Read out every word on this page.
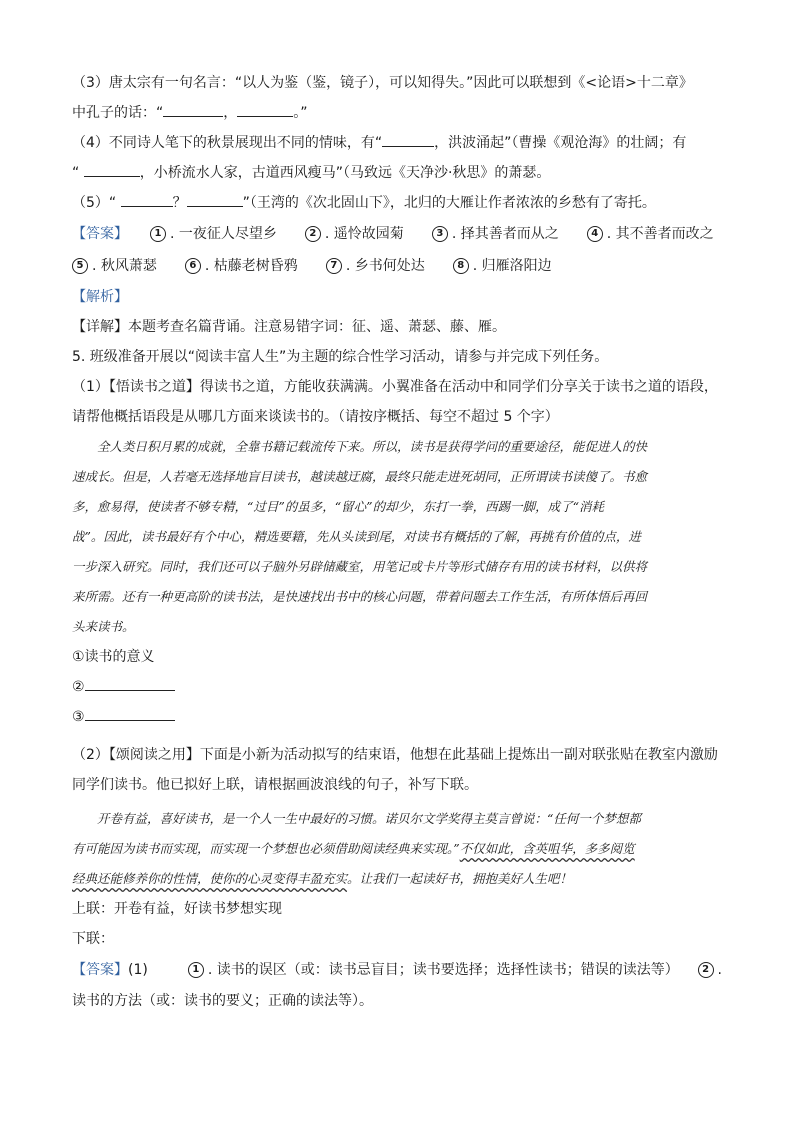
（3）唐太宗有一句名言：“以人为鉴（鉴，镜子），可以知得失。”因此可以联想到《<论语>十二章》
中孔子的话：“	，	。”
（4）不同诗人笔下的秋景展现出不同的情味，有“	，洪波涌起”（曹操《观沧海》的壮阔；有
“	，小桥流水人家，古道西风瘦马”（马致远《天净沙·秋思》的萧瑟。
（5）“	？	”（王湾的《次北固山下》，北归的大雁让作者浓浓的乡愁有了寄托。
【答案】	1 . 一夜征人尽望乡	2 . 遥怜故园菊	3 . 择其善者而从之	4 . 其不善者而改之
5 . 秋风萧瑟	6 . 枯藤老树昏鸦	7 . 乡书何处达	8 . 归雁洛阳边
【解析】
【详解】本题考查名篇背诵。注意易错字词：征、遥、萧瑟、藤、雁。
5. 班级准备开展以“阅读丰富人生”为主题的综合性学习活动，请参与并完成下列任务。
（1）【悟读书之道】得读书之道，方能收获满满。小翼准备在活动中和同学们分享关于读书之道的语段，
请帮他概括语段是从哪几方面来谈读书的。（请按序概括、每空不超过 5 个字）

全人类日积月累的成就，全靠书籍记载流传下来。所以，读书是获得学问的重要途径，能促进人的快

速成长。但是，人若毫无选择地盲目读书，越读越迂腐，最终只能走进死胡同，正所谓读书读傻了。书愈
多，愈易得，使读者不够专精，“过目”的虽多，“留心”的却少，东打一拳，西踢一脚，成了“消耗
战”。因此，读书最好有个中心，精选要籍，先从头读到尾，对读书有概括的了解，再挑有价值的点，进
一步深入研究。同时，我们还可以子脑外另辟储藏室，用笔记或卡片等形式储存有用的读书材料，以供将
来所需。还有一种更高阶的读书法，是快速找出书中的核心问题，带着问题去工作生活，有所体悟后再回
头来读书。
①读书的意义
②
③
（2）【颂阅读之用】下面是小新为活动拟写的结束语，他想在此基础上提炼出一副对联张贴在教室内激励
同学们读书。他已拟好上联，请根据画波浪线的句子，补写下联。

开卷有益，喜好读书，是一个人一生中最好的习惯。诺贝尔文学奖得主莫言曾说：“任何一个梦想都

有可能因为读书而实现，而实现一个梦想也必须借助阅读经典来实现。”不仅如此，含英咀华，多多阅览
经典还能修养你的性情，使你的心灵变得丰盈充实。让我们一起读好书，拥抱美好人生吧！
上联：开卷有益，好读书梦想实现
下联：
【答案】 (1)	1 . 读书的误区（或：读书忌盲目；读书要选择；选择性读书；错误的读法等）	2 .
读书的方法（或：读书的要义；正确的读法等）。
